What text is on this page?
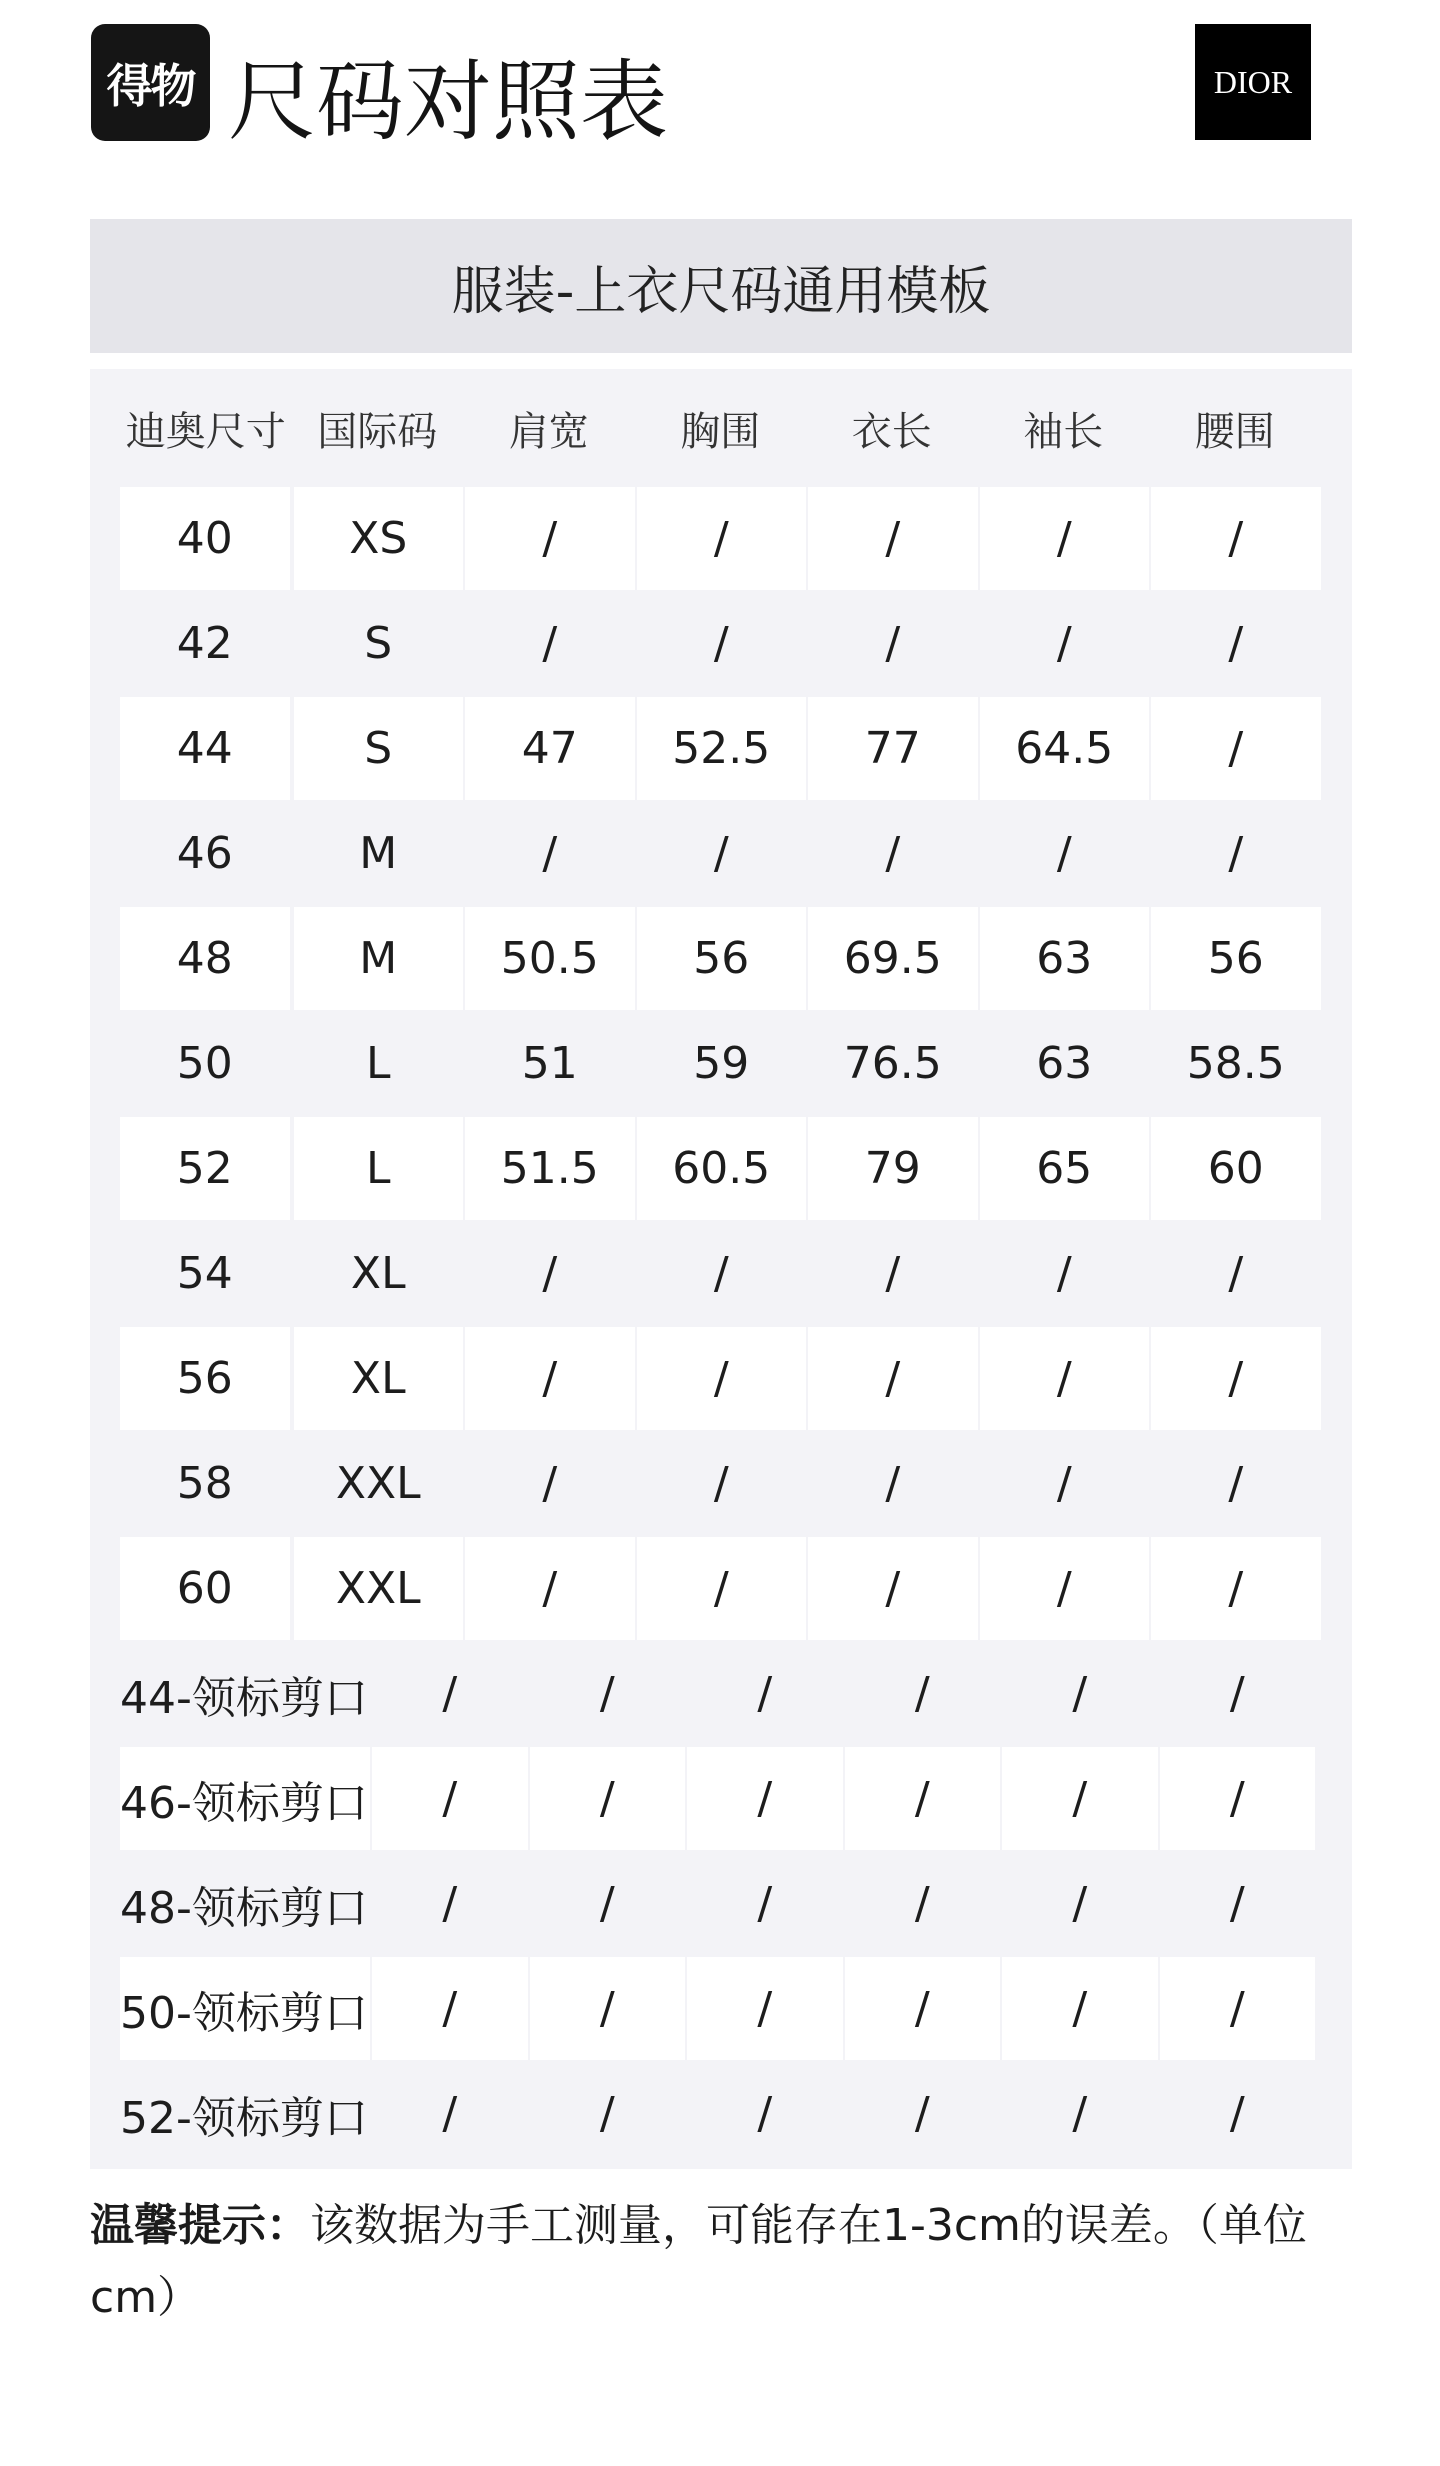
得物 尺码对照表	DIOR
服装-上衣尺码通用模板
迪奥尺寸 国际码	肩宽	胸围	衣长	袖长	腰围
40	XS	/	/	/	/	/
42	S	/	/	/	/	/
44	S	47	52.5	77	64.5	/
46	M	/	/	/	/	/
48	M	50.5	56	69.5	63	56
50	L	51	59	76.5	63	58.5
52	L	51.5	60.5	79	65	60
54	XL	/	/	/	/	/
56	XL	/	/	/	/	/
58	XXL	/	/	/	/	/
60	XXL	/	/	/	/	/
44-领标剪口	/	/	/	/	/	/
46-领标剪口	/	/	/	/	/	/
48-领标剪口	/	/	/	/	/	/
50-领标剪口	/	/	/	/	/	/
52-领标剪口	/	/	/	/	/	/
温馨提示：该数据为手工测量，可能存在1-3cm的误差。（单位cm）
